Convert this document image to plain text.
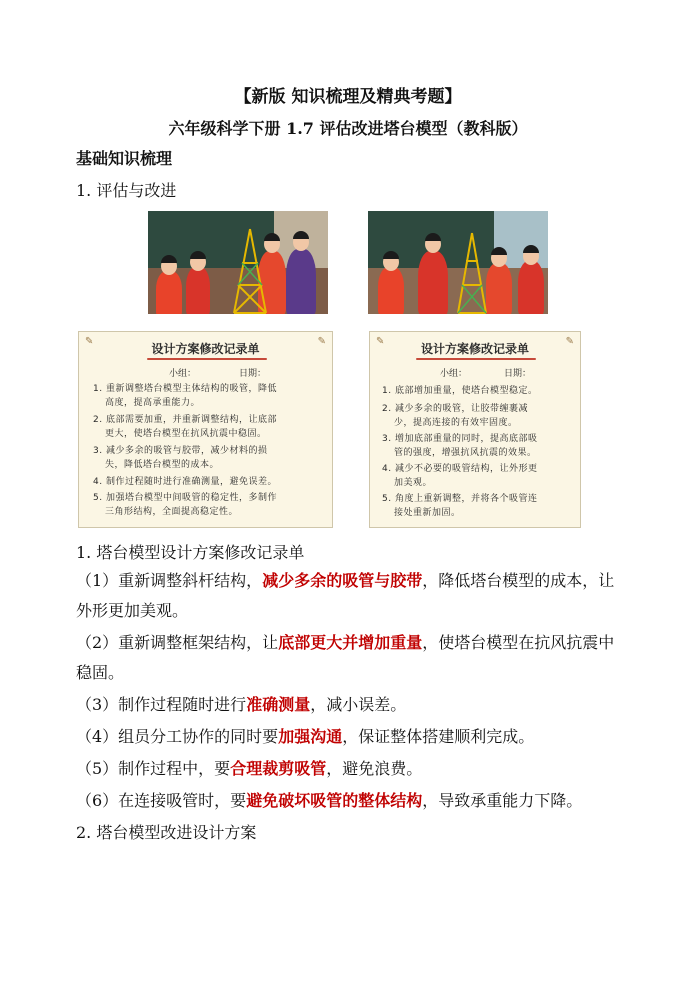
【新版 知识梳理及精典考题】
六年级科学下册 1.7 评估改进塔台模型（教科版）
基础知识梳理
1. 评估与改进
✎	✎
设计方案修改记录单
小组：	日期：
1. 重新调整塔台模型主体结构的吸管，降低
高度，提高承重能力。
2. 底部需要加重，并重新调整结构，让底部
更大，使塔台模型在抗风抗震中稳固。
3. 减少多余的吸管与胶带，减少材料的损
失，降低塔台模型的成本。
4. 制作过程随时进行准确测量，避免误差。
5. 加强塔台模型中间吸管的稳定性，多制作
三角形结构，全面提高稳定性。
✎	✎
设计方案修改记录单
小组：	日期：
1. 底部增加重量，使塔台模型稳定。
2. 减少多余的吸管，让胶带缠裹减
少，提高连接的有效牢固度。
3. 增加底部重量的同时，提高底部吸
管的强度，增强抗风抗震的效果。
4. 减少不必要的吸管结构，让外形更
加美观。
5. 角度上重新调整，并将各个吸管连
接处重新加固。
1. 塔台模型设计方案修改记录单
（1）重新调整斜杆结构，减少多余的吸管与胶带，降低塔台模型的成本，让
外形更加美观。
（2）重新调整框架结构，让底部更大并增加重量，使塔台模型在抗风抗震中
稳固。
（3）制作过程随时进行准确测量，减小误差。
（4）组员分工协作的同时要加强沟通，保证整体搭建顺利完成。
（5）制作过程中，要合理裁剪吸管，避免浪费。
（6）在连接吸管时，要避免破坏吸管的整体结构，导致承重能力下降。
2. 塔台模型改进设计方案
